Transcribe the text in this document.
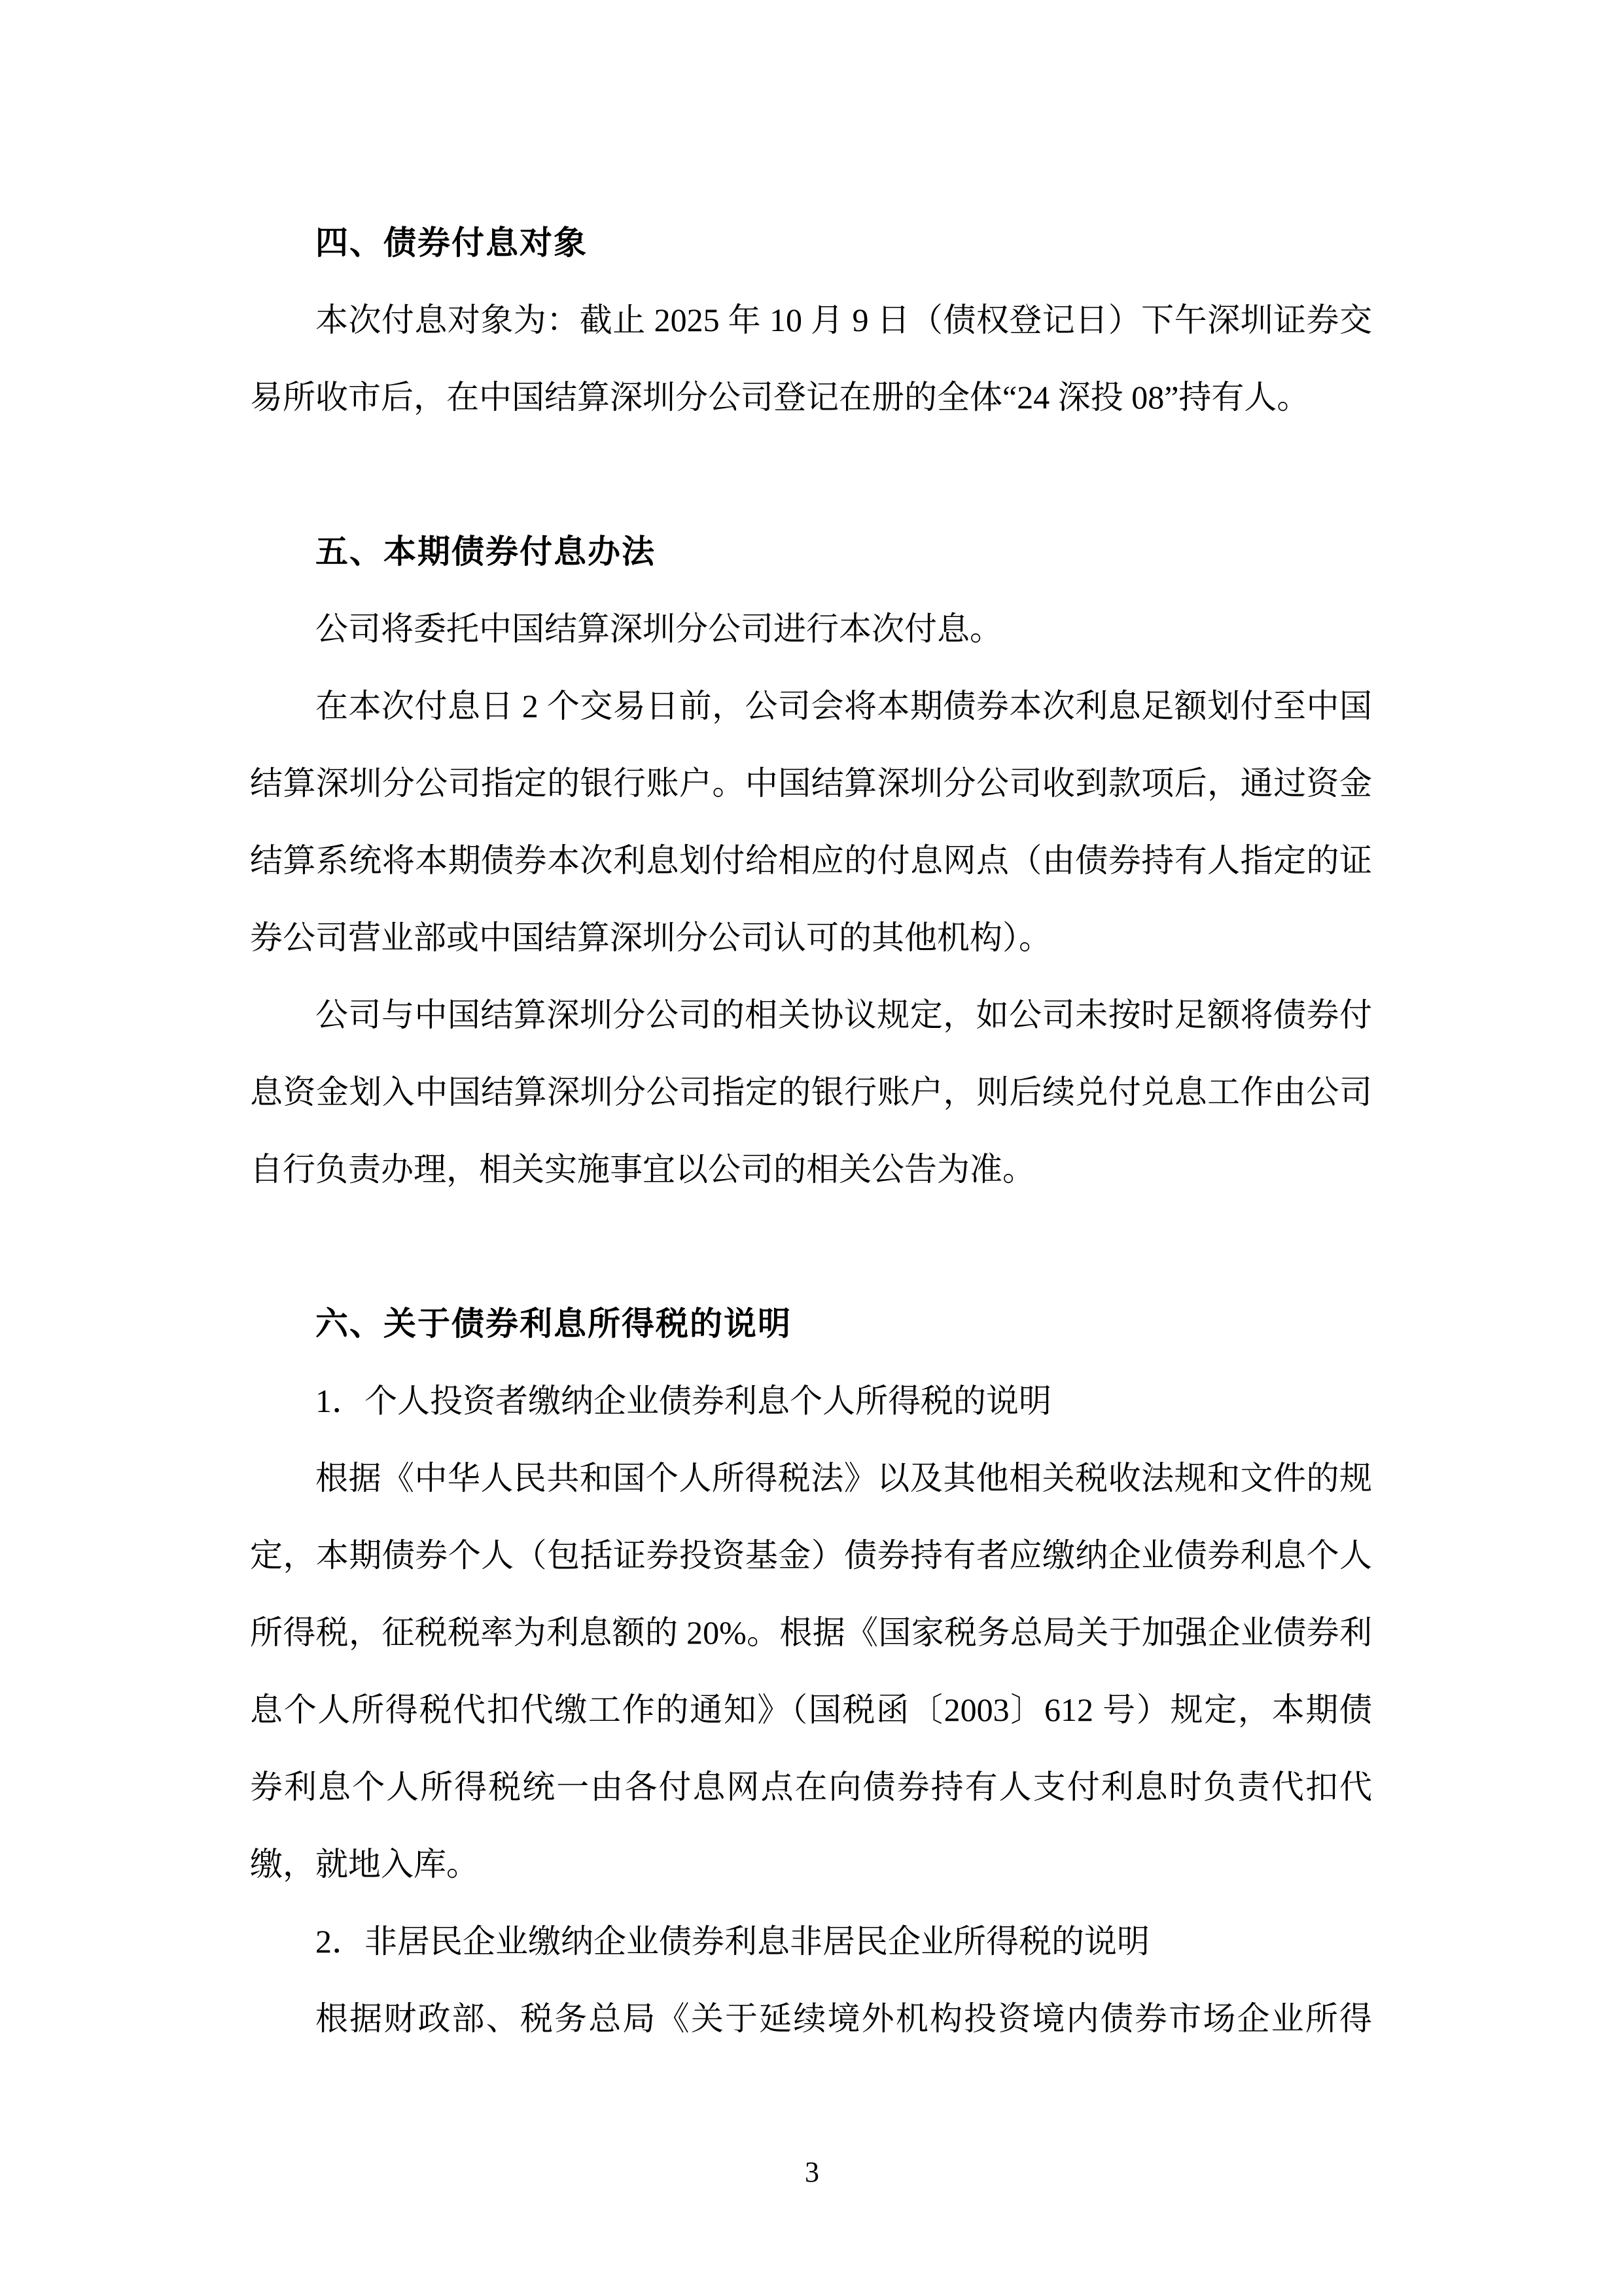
四、债券付息对象
本次付息对象为：截止 2025 年 10 月 9 日（债权登记日）下午深圳证券交
易所收市后，在中国结算深圳分公司登记在册的全体“24 深投 08”持有人。
五、本期债券付息办法
公司将委托中国结算深圳分公司进行本次付息。
在本次付息日 2 个交易日前，公司会将本期债券本次利息足额划付至中国
结算深圳分公司指定的银行账户。中国结算深圳分公司收到款项后，通过资金
结算系统将本期债券本次利息划付给相应的付息网点（由债券持有人指定的证
券公司营业部或中国结算深圳分公司认可的其他机构）。
公司与中国结算深圳分公司的相关协议规定，如公司未按时足额将债券付
息资金划入中国结算深圳分公司指定的银行账户，则后续兑付兑息工作由公司
自行负责办理，相关实施事宜以公司的相关公告为准。
六、关于债券利息所得税的说明
1．个人投资者缴纳企业债券利息个人所得税的说明
根据《中华人民共和国个人所得税法》以及其他相关税收法规和文件的规
定，本期债券个人（包括证券投资基金）债券持有者应缴纳企业债券利息个人
所得税，征税税率为利息额的 20%。根据《国家税务总局关于加强企业债券利
息个人所得税代扣代缴工作的通知》（国税函〔2003〕612 号）规定，本期债
券利息个人所得税统一由各付息网点在向债券持有人支付利息时负责代扣代
缴，就地入库。
2．非居民企业缴纳企业债券利息非居民企业所得税的说明
根据财政部、税务总局《关于延续境外机构投资境内债券市场企业所得
3
